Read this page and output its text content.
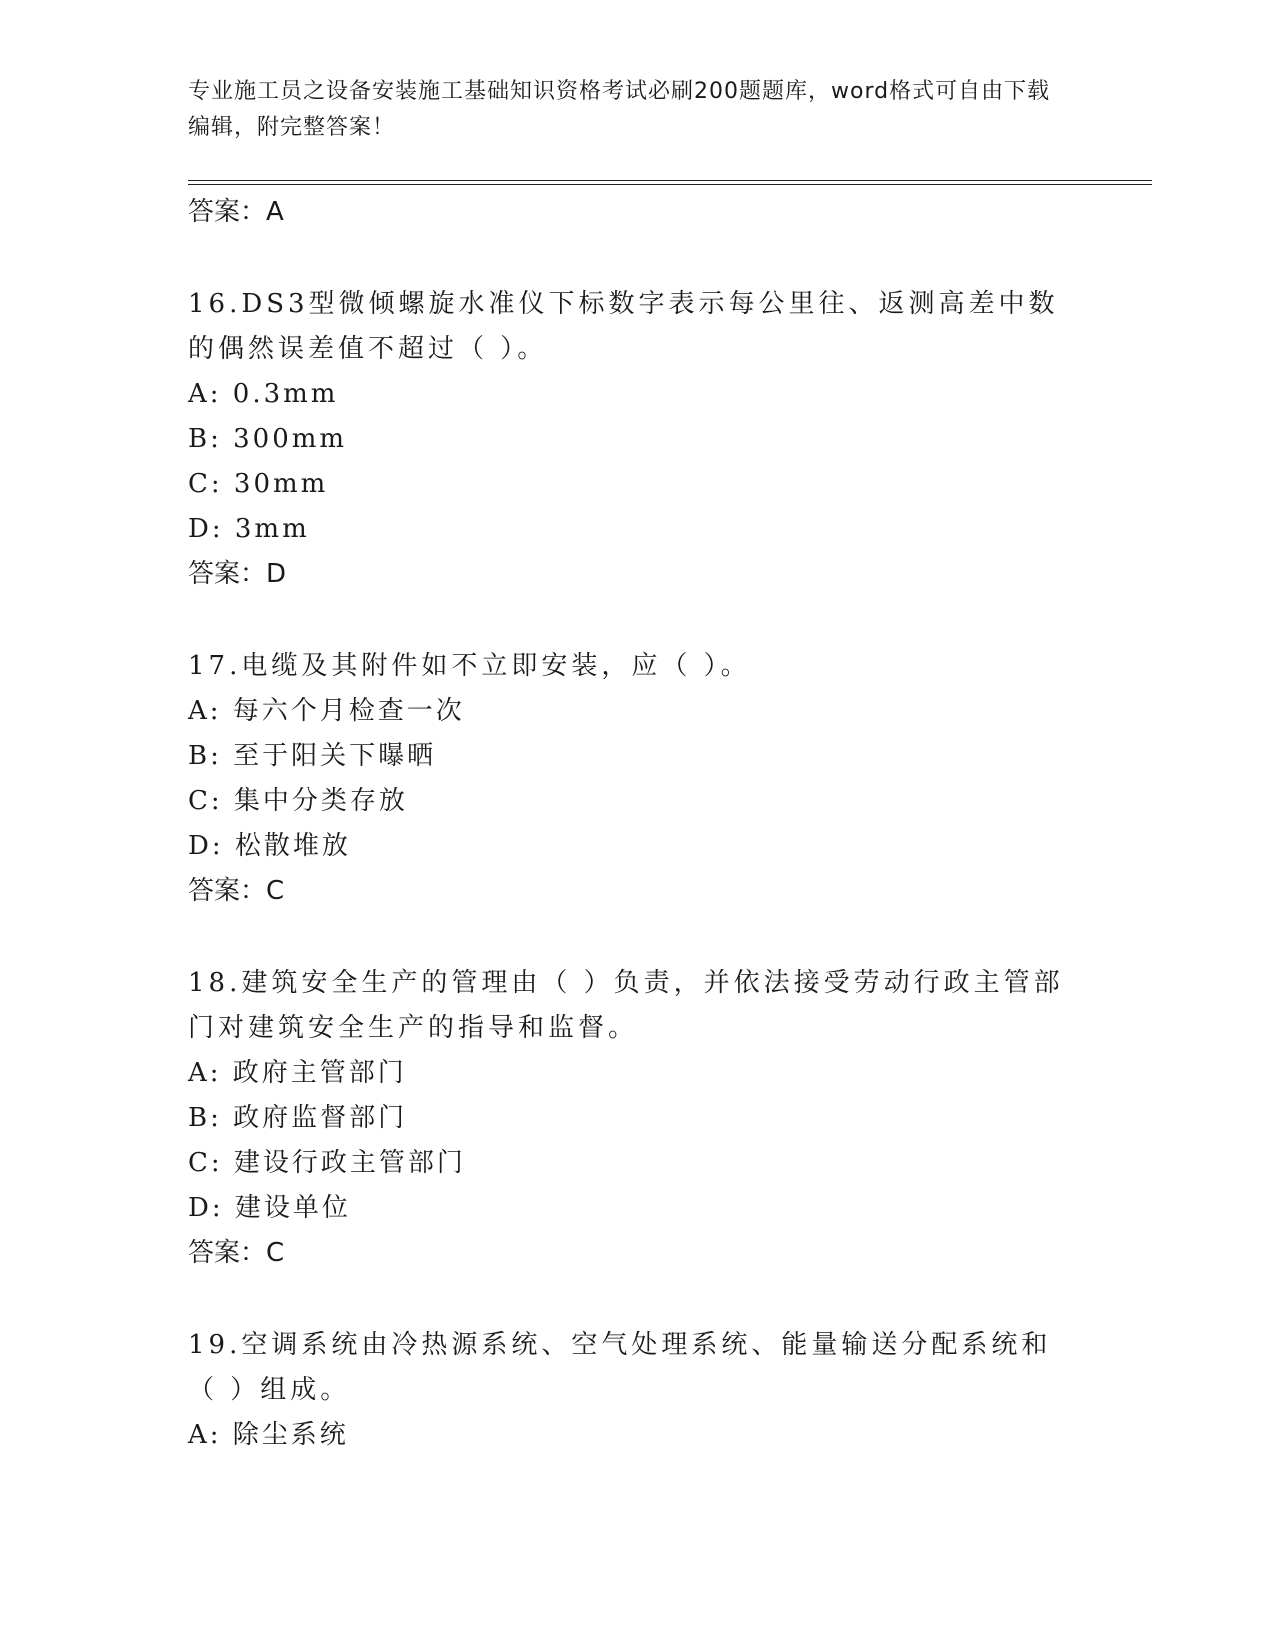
专业施工员之设备安装施工基础知识资格考试必刷200题题库，word格式可自由下载编辑，附完整答案！
答案：A
16.DS3型微倾螺旋水准仪下标数字表示每公里往、返测高差中数的偶然误差值不超过（ ）。
A: 0.3mm
B: 300mm
C: 30mm
D: 3mm
答案：D
17.电缆及其附件如不立即安装，应（ ）。
A: 每六个月检查一次
B: 至于阳关下曝晒
C: 集中分类存放
D: 松散堆放
答案：C
18.建筑安全生产的管理由（ ）负责，并依法接受劳动行政主管部门对建筑安全生产的指导和监督。
A: 政府主管部门
B: 政府监督部门
C: 建设行政主管部门
D: 建设单位
答案：C
19.空调系统由冷热源系统、空气处理系统、能量输送分配系统和（ ）组成。
A: 除尘系统
